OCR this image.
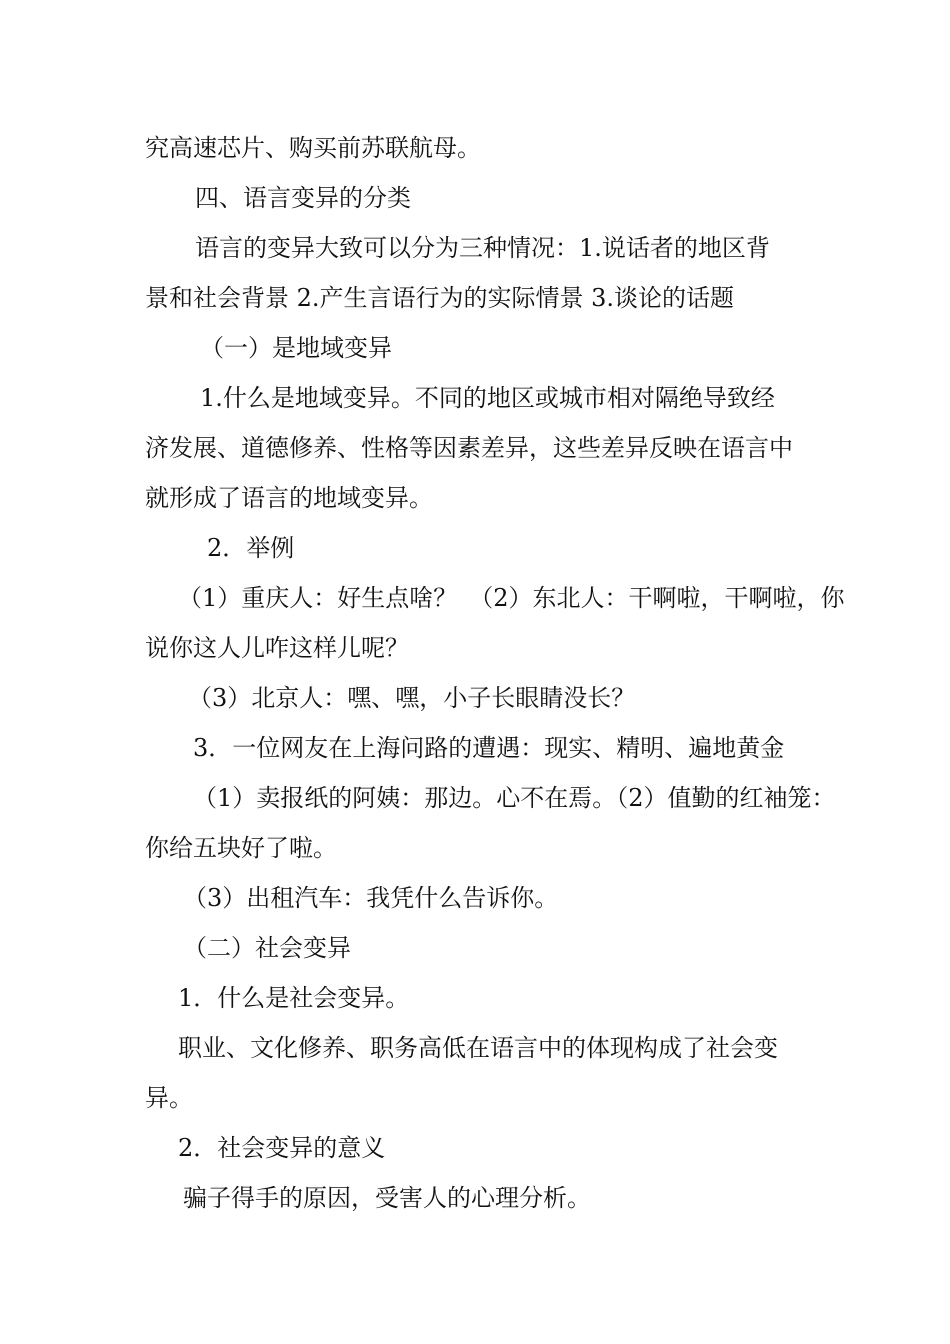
究高速芯片、购买前苏联航母。
四、语言变异的分类
语言的变异大致可以分为三种情况：1.说话者的地区背
景和社会背景 2.产生言语行为的实际情景 3.谈论的话题
（一）是地域变异
1.什么是地域变异。不同的地区或城市相对隔绝导致经
济发展、道德修养、性格等因素差异，这些差异反映在语言中
就形成了语言的地域变异。
2．举例
（1）重庆人：好生点啥？　（2）东北人：干啊啦，干啊啦，你
说你这人儿咋这样儿呢？
（3）北京人：嘿、嘿，小子长眼睛没长？
3．一位网友在上海问路的遭遇：现实、精明、遍地黄金
（1）卖报纸的阿姨：那边。心不在焉。（2）值勤的红袖笼：
你给五块好了啦。
（3）出租汽车：我凭什么告诉你。
（二）社会变异
1．什么是社会变异。
职业、文化修养、职务高低在语言中的体现构成了社会变
异。
2．社会变异的意义
骗子得手的原因，受害人的心理分析。
